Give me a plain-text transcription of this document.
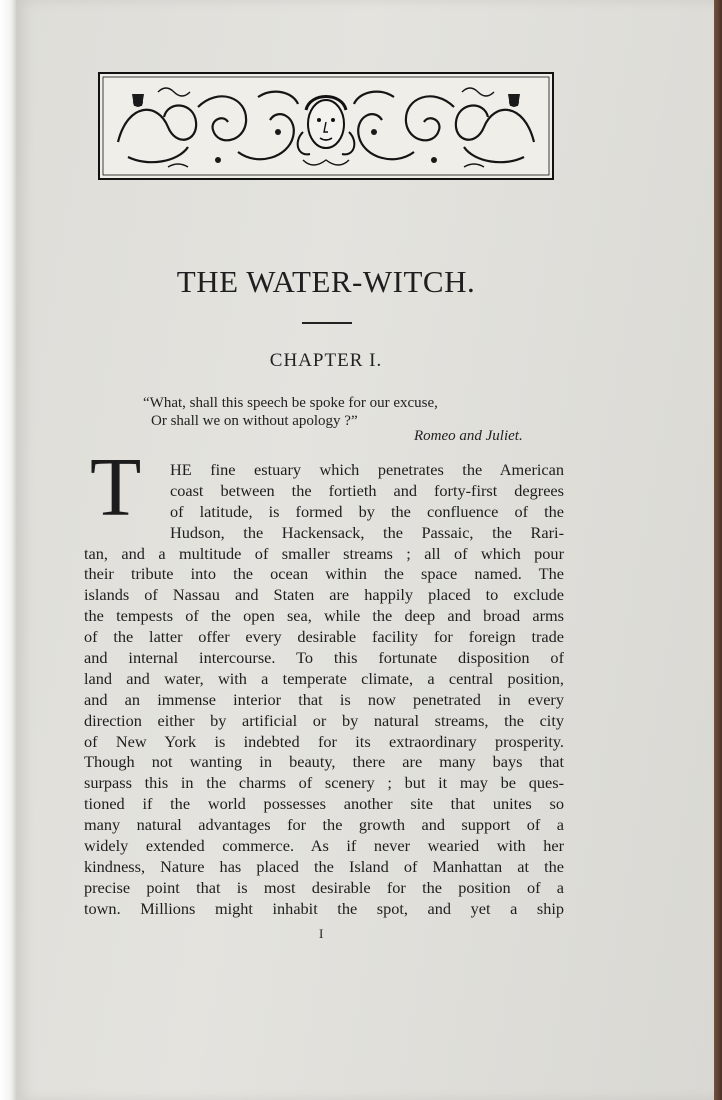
THE WATER-WITCH.
CHAPTER I.
“What, shall this speech be spoke for our excuse,
Or shall we on without apology ?”
Romeo and Juliet.
T	HE fine estuary which penetrates the American
coast between the fortieth and forty-first degrees
of latitude, is formed by the confluence of the
Hudson, the Hackensack, the Passaic, the Rari-
tan, and a multitude of smaller streams ; all of which pour
their tribute into the ocean within the space named. The
islands of Nassau and Staten are happily placed to exclude
the tempests of the open sea, while the deep and broad arms
of the latter offer every desirable facility for foreign trade
and internal intercourse. To this fortunate disposition of
land and water, with a temperate climate, a central position,
and an immense interior that is now penetrated in every
direction either by artificial or by natural streams, the city
of New York is indebted for its extraordinary prosperity.
Though not wanting in beauty, there are many bays that
surpass this in the charms of scenery ; but it may be ques-
tioned if the world possesses another site that unites so
many natural advantages for the growth and support of a
widely extended commerce. As if never wearied with her
kindness, Nature has placed the Island of Manhattan at the
precise point that is most desirable for the position of a
town. Millions might inhabit the spot, and yet a ship
I
